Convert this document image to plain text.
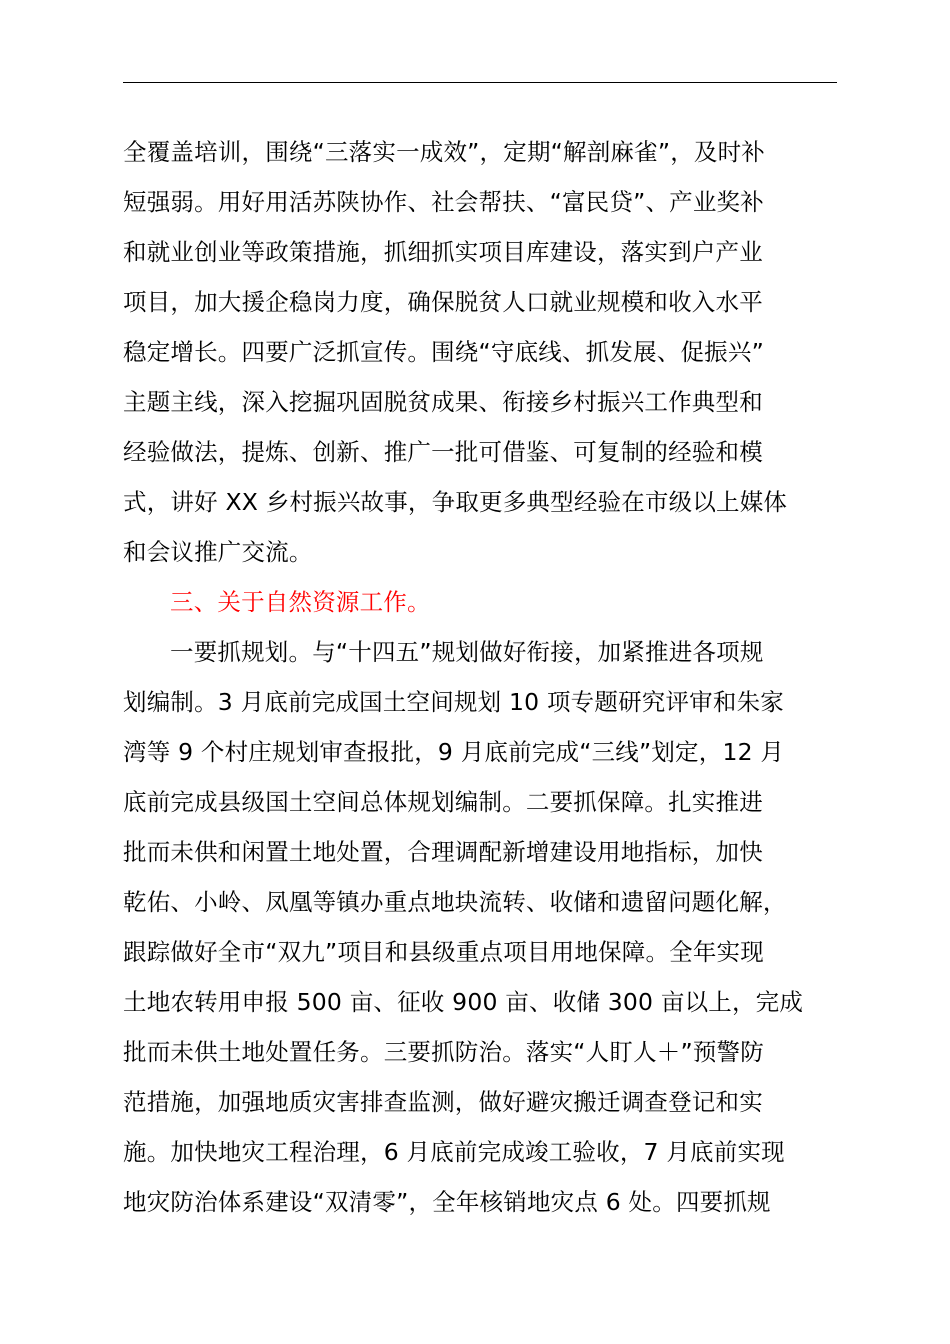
全覆盖培训，围绕“三落实一成效”，定期“解剖麻雀”，及时补
短强弱。用好用活苏陕协作、社会帮扶、“富民贷”、产业奖补
和就业创业等政策措施，抓细抓实项目库建设，落实到户产业
项目，加大援企稳岗力度，确保脱贫人口就业规模和收入水平
稳定增长。四要广泛抓宣传。围绕“守底线、抓发展、促振兴”
主题主线，深入挖掘巩固脱贫成果、衔接乡村振兴工作典型和
经验做法，提炼、创新、推广一批可借鉴、可复制的经验和模
式，讲好 XX 乡村振兴故事，争取更多典型经验在市级以上媒体
和会议推广交流。
三、关于自然资源工作。
一要抓规划。与“十四五”规划做好衔接，加紧推进各项规
划编制。3 月底前完成国土空间规划 10 项专题研究评审和朱家
湾等 9 个村庄规划审查报批，9 月底前完成“三线”划定，12 月
底前完成县级国土空间总体规划编制。二要抓保障。扎实推进
批而未供和闲置土地处置，合理调配新增建设用地指标，加快
乾佑、小岭、凤凰等镇办重点地块流转、收储和遗留问题化解，
跟踪做好全市“双九”项目和县级重点项目用地保障。全年实现
土地农转用申报 500 亩、征收 900 亩、收储 300 亩以上，完成
批而未供土地处置任务。三要抓防治。落实“人盯人＋”预警防
范措施，加强地质灾害排查监测，做好避灾搬迁调查登记和实
施。加快地灾工程治理，6 月底前完成竣工验收，7 月底前实现
地灾防治体系建设“双清零”，全年核销地灾点 6 处。四要抓规
